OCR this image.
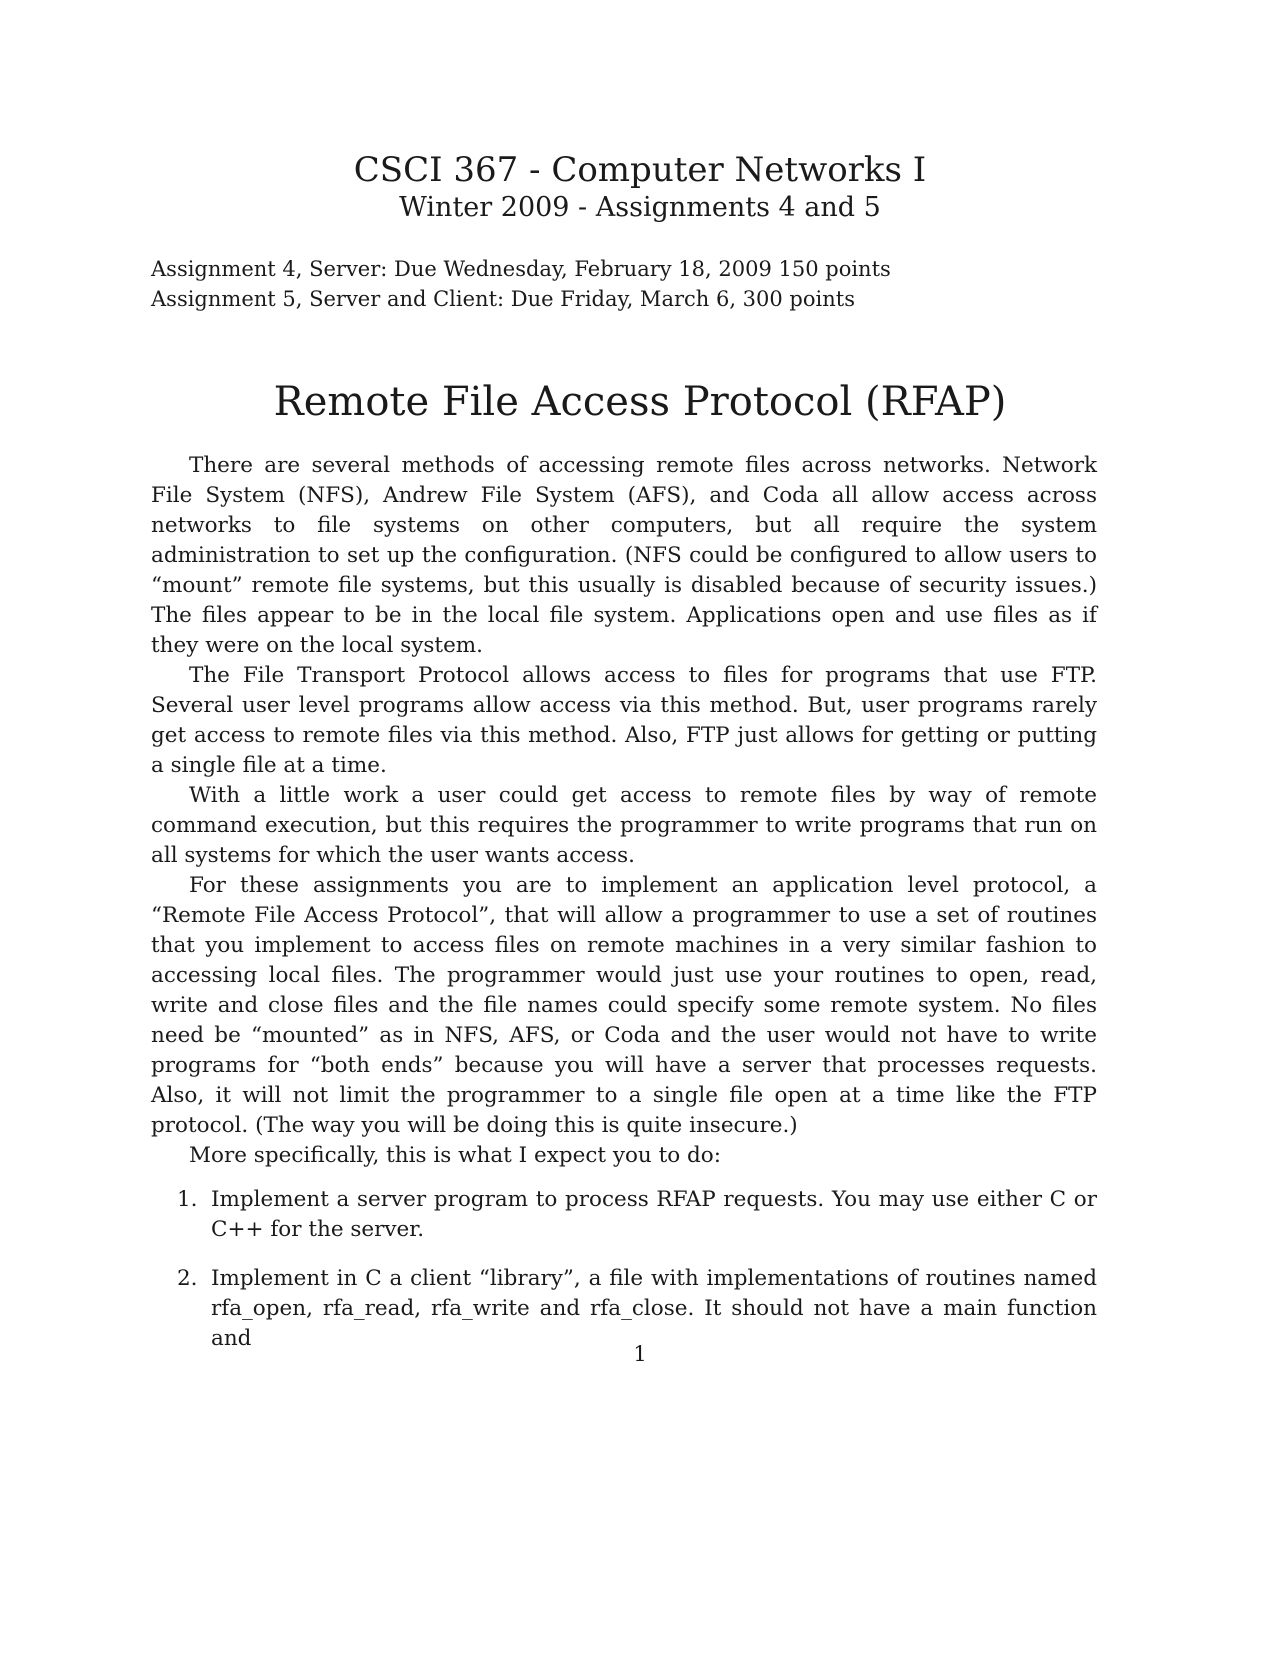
CSCI 367 - Computer Networks I
Winter 2009 - Assignments 4 and 5
Assignment 4, Server: Due Wednesday, February 18, 2009 150 points
Assignment 5, Server and Client: Due Friday, March 6, 300 points
Remote File Access Protocol (RFAP)

There are several methods of accessing remote files across networks. Network File System (NFS), Andrew File System (AFS), and Coda all allow access across networks to file systems on other computers, but all require the system administration to set up the configuration. (NFS could be configured to allow users to “mount” remote file systems, but this usually is disabled because of security issues.) The files appear to be in the local file system. Applications open and use files as if they were on the local system.

The File Transport Protocol allows access to files for programs that use FTP. Several user level programs allow access via this method. But, user programs rarely get access to remote files via this method. Also, FTP just allows for getting or putting a single file at a time.

With a little work a user could get access to remote files by way of remote command execution, but this requires the programmer to write programs that run on all systems for which the user wants access.

For these assignments you are to implement an application level protocol, a “Remote File Access Protocol”, that will allow a programmer to use a set of routines that you implement to access files on remote machines in a very similar fashion to accessing local files. The programmer would just use your routines to open, read, write and close files and the file names could specify some remote system. No files need be “mounted” as in NFS, AFS, or Coda and the user would not have to write programs for “both ends” because you will have a server that processes requests. Also, it will not limit the programmer to a single file open at a time like the FTP protocol. (The way you will be doing this is quite insecure.)

More specifically, this is what I expect you to do:

1. Implement a server program to process RFAP requests. You may use either C or C++ for the server.
2. Implement in C a client “library”, a file with implementations of routines named rfa_open, rfa_read, rfa_write and rfa_close. It should not have a main function and
1
